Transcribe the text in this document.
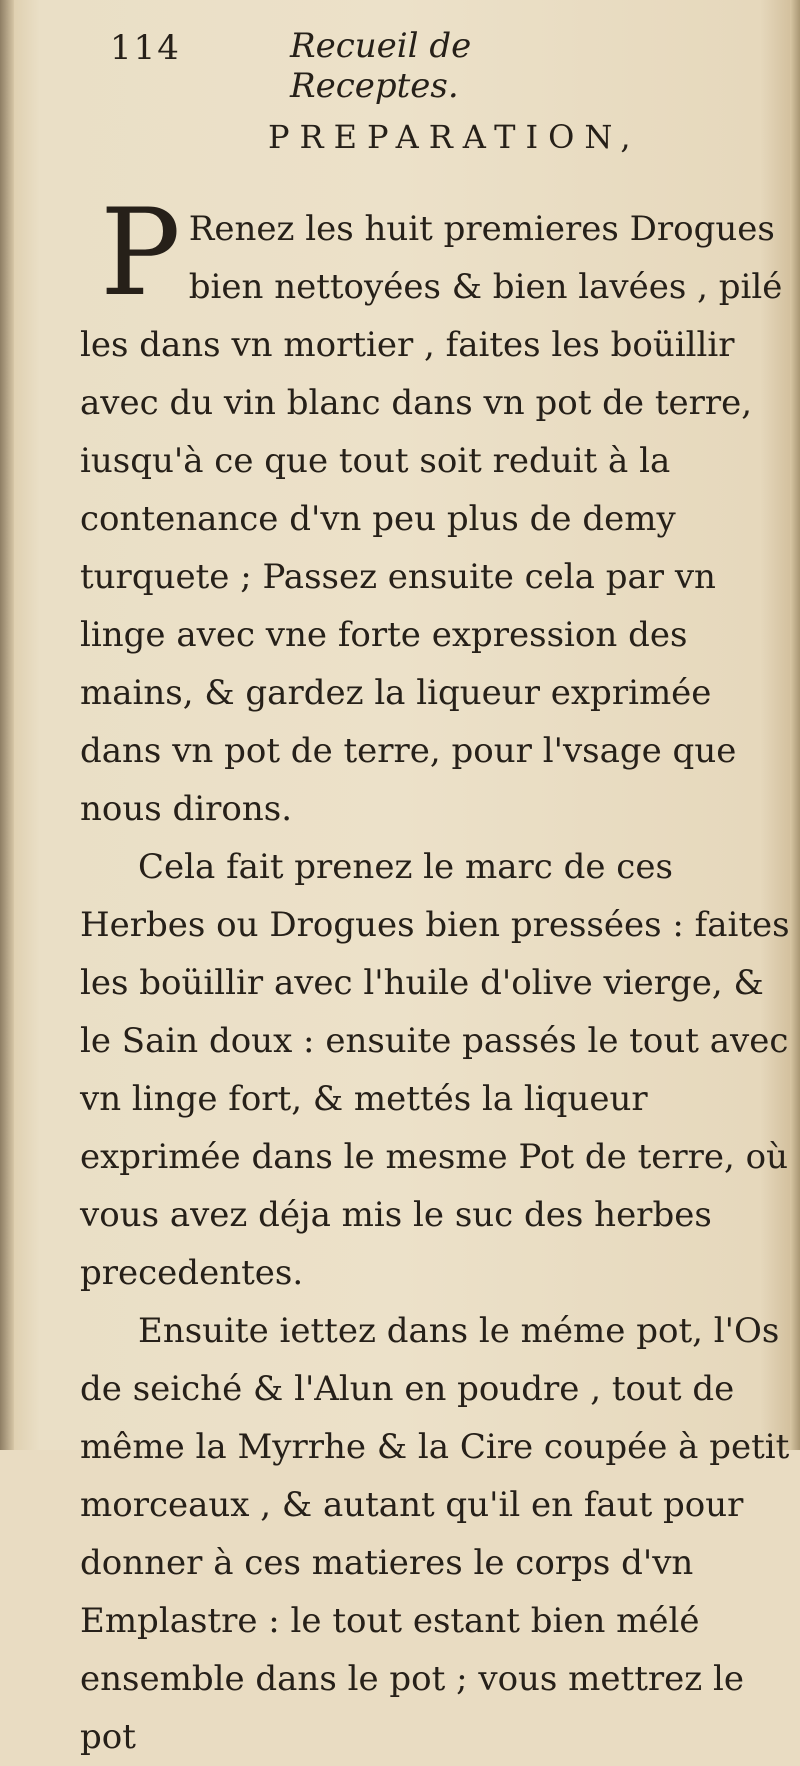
114	Recueil de Receptes.
PREPARATION,

P Renez les huit premieres Drogues bien nettoyées & bien lavées , pilé les dans vn mortier , faites les boüillir avec du vin blanc dans vn pot de terre, iusqu'à ce que tout soit reduit à la contenance d'vn peu plus de demy turquete ; Passez ensuite cela par vn linge avec vne forte expression des mains, & gardez la liqueur exprimée dans vn pot de terre, pour l'vsage que nous dirons.

Cela fait prenez le marc de ces Herbes ou Drogues bien pressées : faites les boüillir avec l'huile d'olive vierge, & le Sain doux : ensuite passés le tout avec vn linge fort, & mettés la liqueur exprimée dans le mesme Pot de terre, où vous avez déja mis le suc des herbes precedentes.

Ensuite iettez dans le méme pot, l'Os de seiché & l'Alun en poudre , tout de même la Myrrhe & la Cire coupée à petit morceaux , & autant qu'il en faut pour donner à ces matieres le corps d'vn Emplastre : le tout estant bien mélé ensemble dans le pot ; vous mettrez le pot
